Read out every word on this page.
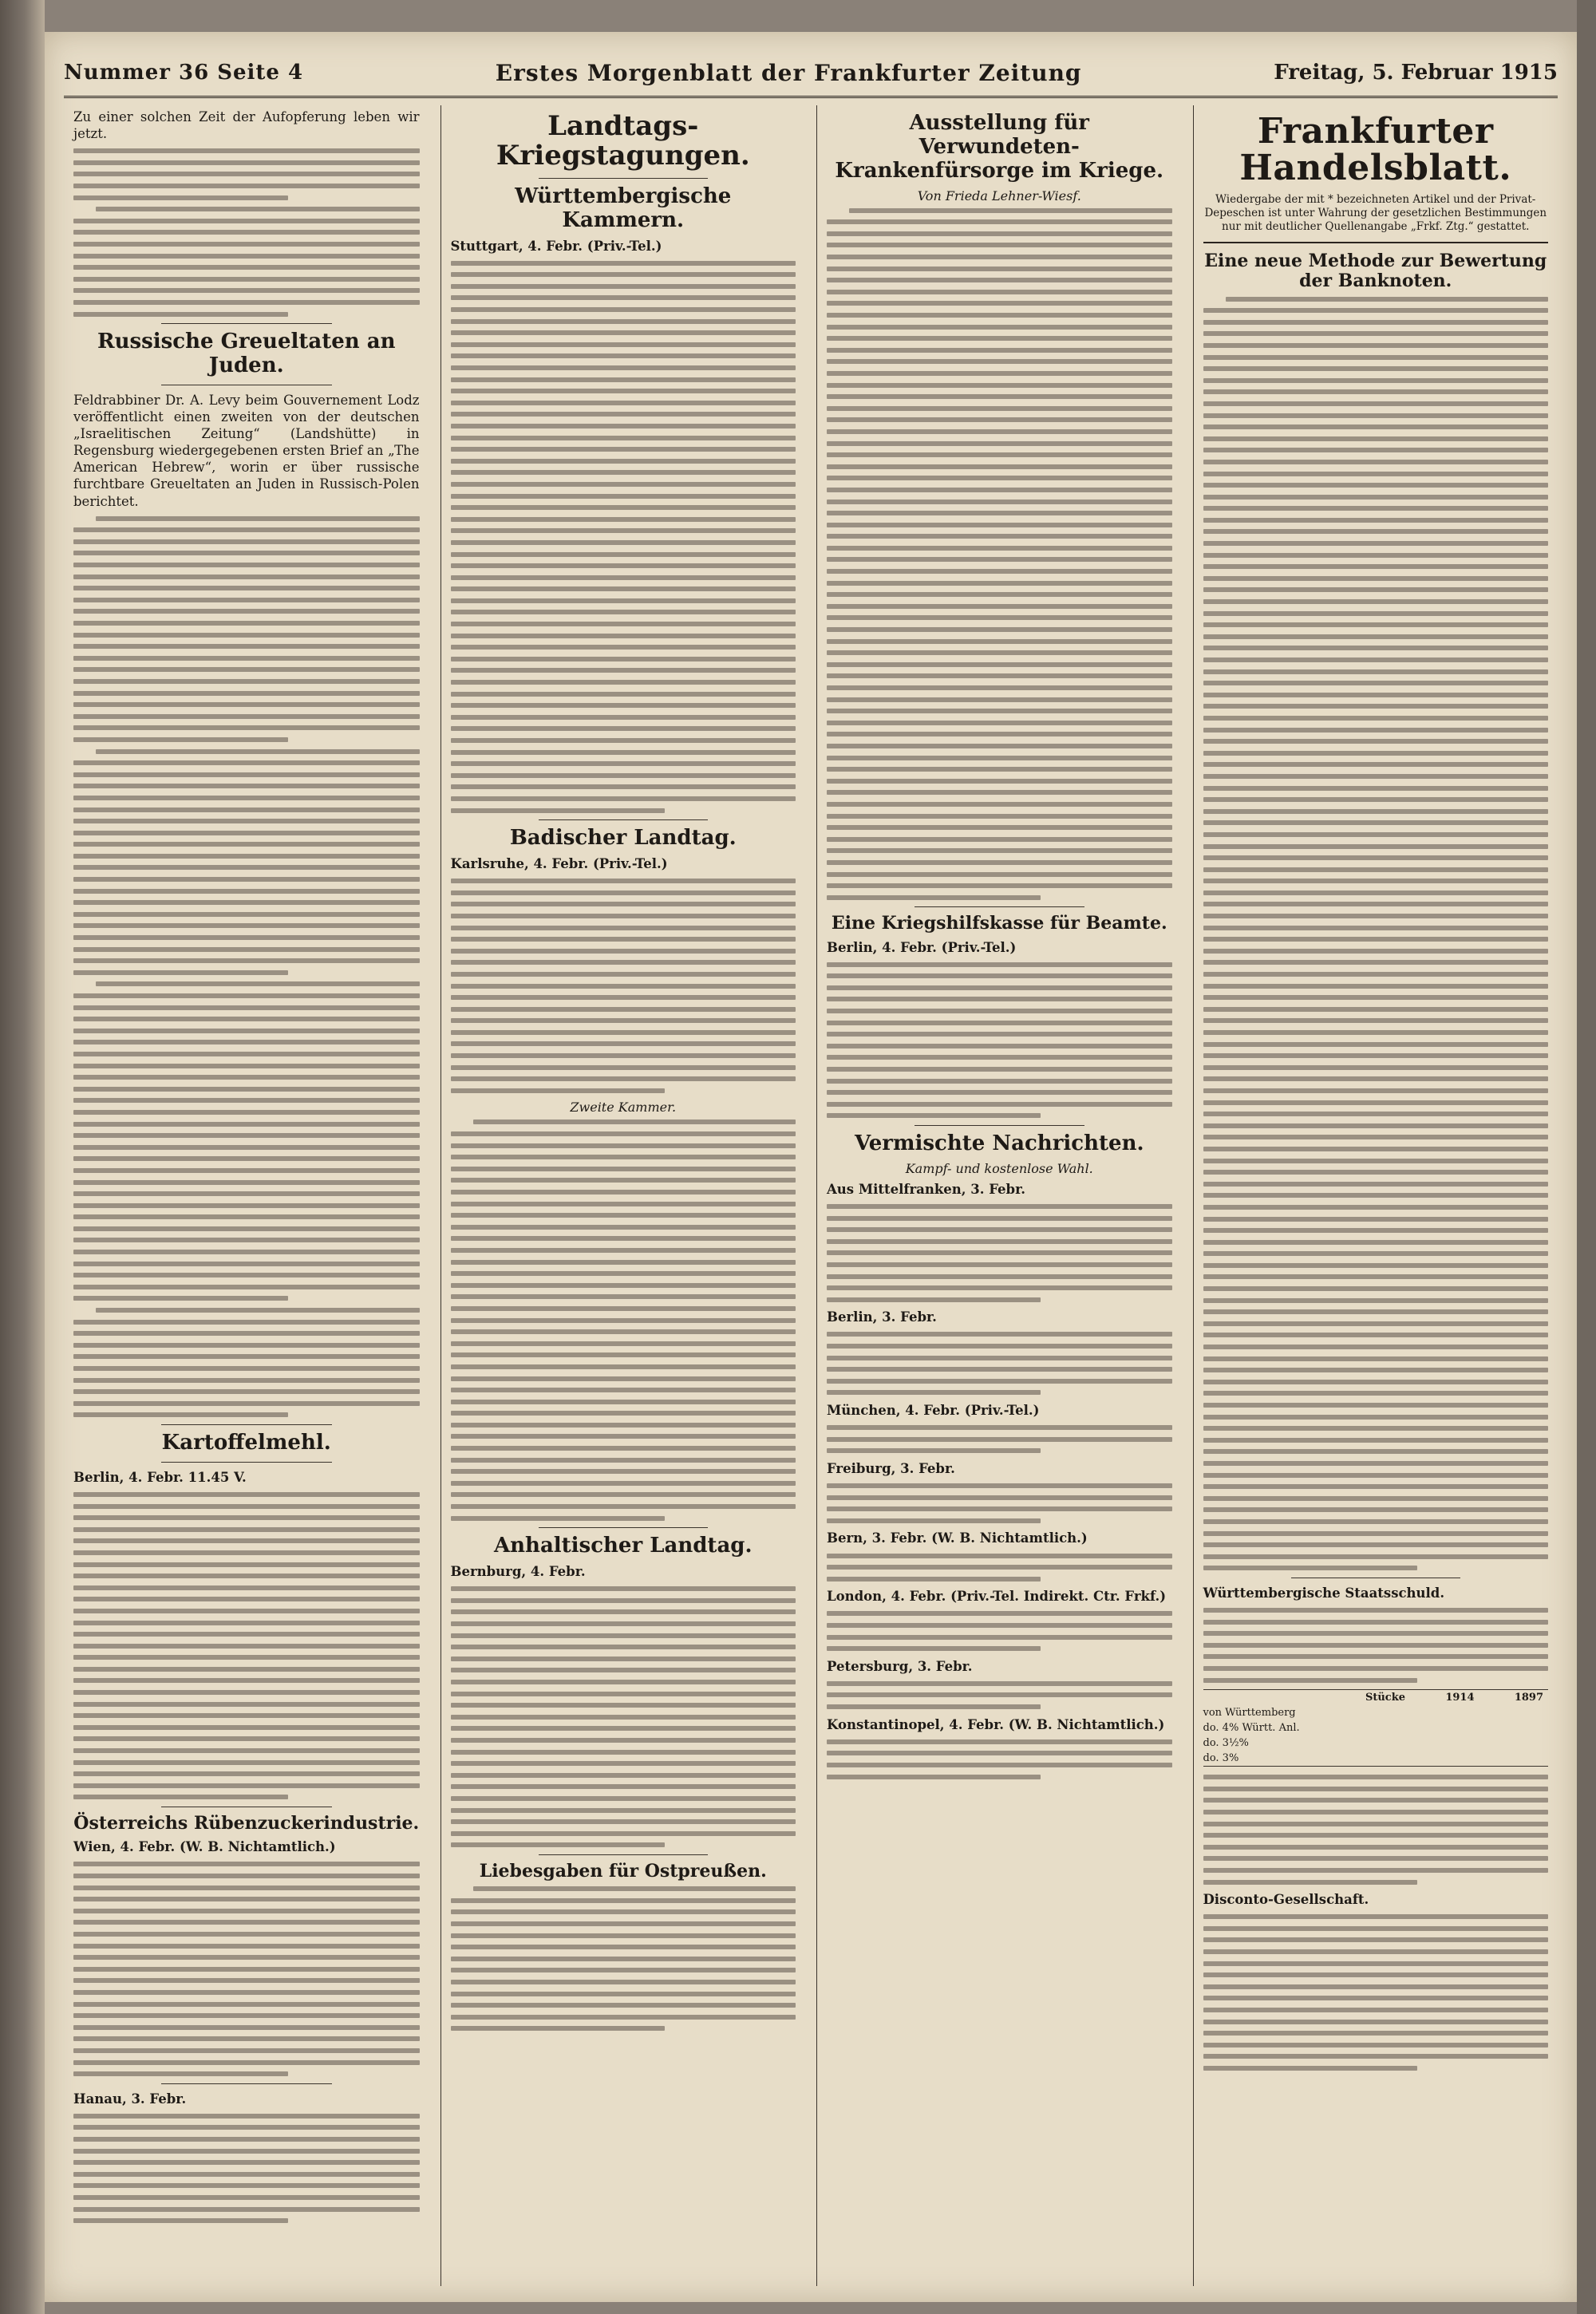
Nummer 36 Seite 4	Erstes Morgenblatt der Frankfurter Zeitung	Freitag, 5. Februar 1915

Zu einer solchen Zeit der Aufopferung leben wir jetzt.

Russische Greueltaten an Juden.

Feldrabbiner Dr. A. Levy beim Gouvernement Lodz veröffentlicht einen zweiten von der deutschen „Israelitischen Zeitung“ (Landshütte) in Regensburg wiedergegebenen ersten Brief an „The American Hebrew“, worin er über russische furchtbare Greueltaten an Juden in Russisch-Polen berichtet.

Kartoffelmehl.

Berlin, 4. Febr. 11.45 V.

Österreichs Rübenzuckerindustrie.

Wien, 4. Febr. (W. B. Nichtamtlich.)

Hanau, 3. Febr.

Landtags-Kriegstagungen.
Württembergische Kammern.

Stuttgart, 4. Febr. (Priv.-Tel.)

Badischer Landtag.

Karlsruhe, 4. Febr. (Priv.-Tel.)

Zweite Kammer.
Anhaltischer Landtag.

Bernburg, 4. Febr.

Liebesgaben für Ostpreußen.
Ausstellung für Verwundeten-Krankenfürsorge im Kriege.
Von Frieda Lehner-Wiesf.
Eine Kriegshilfskasse für Beamte.

Berlin, 4. Febr. (Priv.-Tel.)

Vermischte Nachrichten.
Kampf- und kostenlose Wahl.

Aus Mittelfranken, 3. Febr.

Berlin, 3. Febr.

München, 4. Febr. (Priv.-Tel.)

Freiburg, 3. Febr.

Bern, 3. Febr. (W. B. Nichtamtlich.)

London, 4. Febr. (Priv.-Tel. Indirekt. Ctr. Frkf.)

Petersburg, 3. Febr.

Konstantinopel, 4. Febr. (W. B. Nichtamtlich.)

Frankfurter Handelsblatt.
Wiedergabe der mit * bezeichneten Artikel und der Privat-Depeschen ist unter Wahrung der gesetzlichen Bestimmungen nur mit deutlicher Quellenangabe „Frkf. Ztg.“ gestattet.
Eine neue Methode zur Bewertung der Banknoten.

Württembergische Staatsschuld.

Stücke	1914	1897
von Württemberg
do. 4% Württ. Anl.
do. 3½%
do. 3%

Disconto-Gesellschaft.
